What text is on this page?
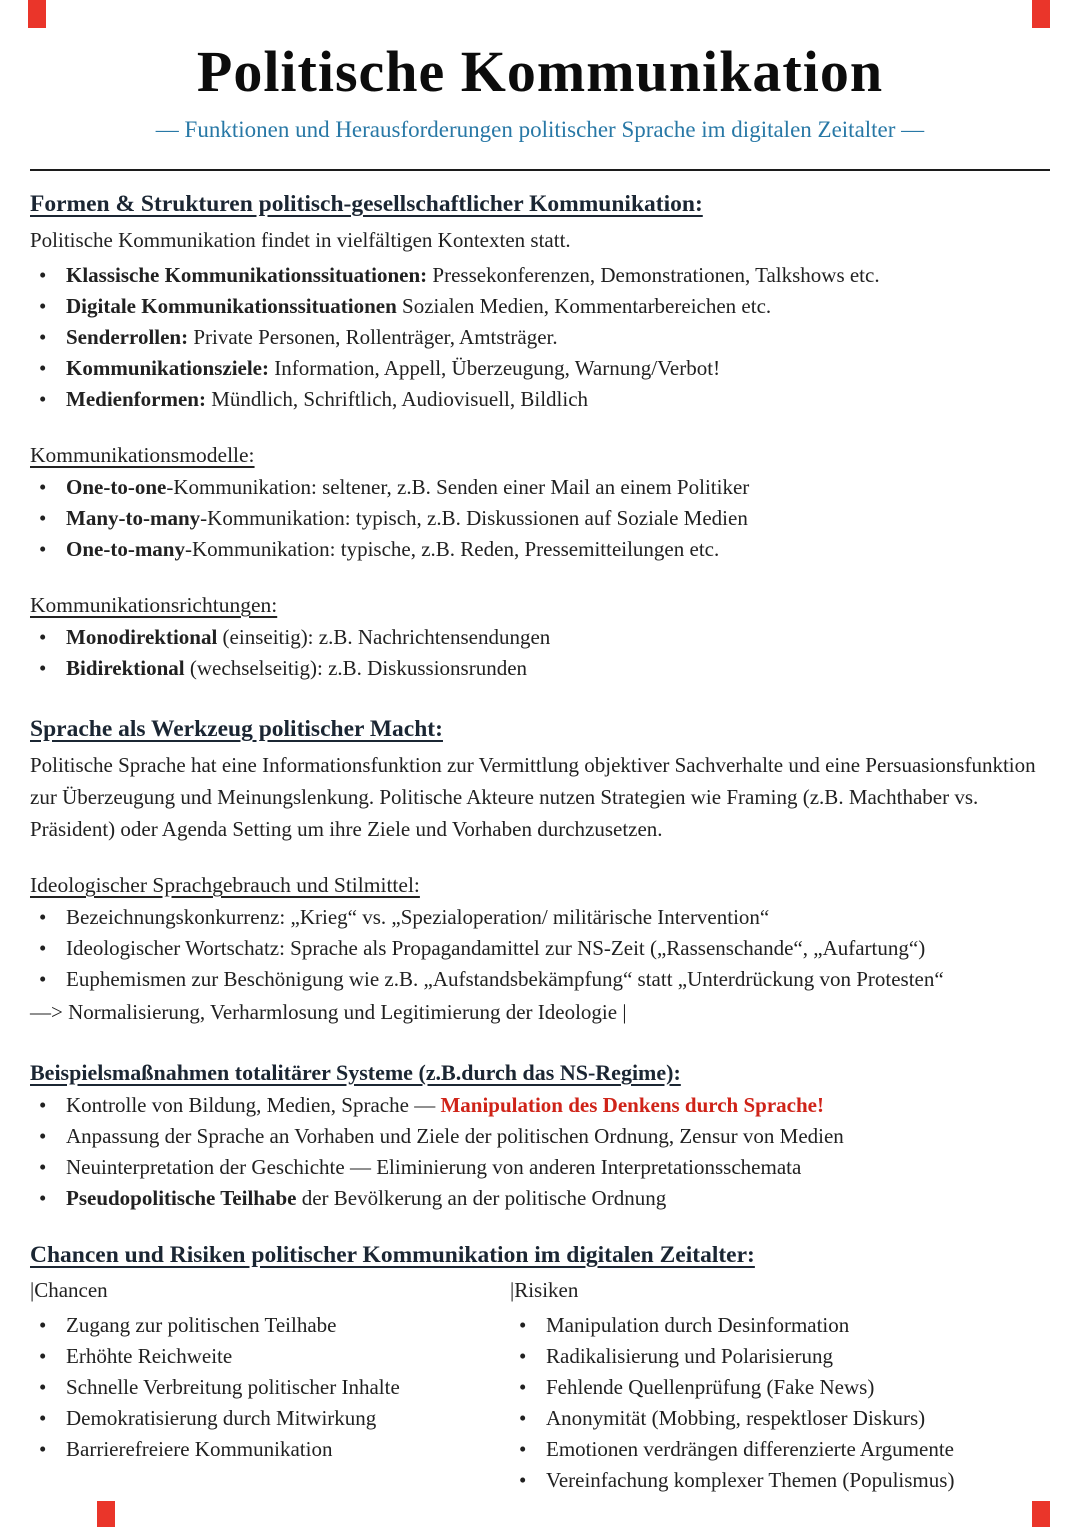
Politische Kommunikation
— Funktionen und Herausforderungen politischer Sprache im digitalen Zeitalter —
Formen & Strukturen politisch-gesellschaftlicher Kommunikation:

Politische Kommunikation findet in vielfältigen Kontexten statt.

• Klassische Kommunikationssituationen: Pressekonferenzen, Demonstrationen, Talkshows etc.
• Digitale Kommunikationssituationen Sozialen Medien, Kommentarbereichen etc.
• Senderrollen: Private Personen, Rollenträger, Amtsträger.
• Kommunikationsziele: Information, Appell, Überzeugung, Warnung/Verbot!
• Medienformen: Mündlich, Schriftlich, Audiovisuell, Bildlich
Kommunikationsmodelle:
• One-to-one-Kommunikation: seltener, z.B. Senden einer Mail an einem Politiker
• Many-to-many-Kommunikation: typisch, z.B. Diskussionen auf Soziale Medien
• One-to-many-Kommunikation: typische, z.B. Reden, Pressemitteilungen etc.
Kommunikationsrichtungen:
• Monodirektional (einseitig): z.B. Nachrichtensendungen
• Bidirektional (wechselseitig): z.B. Diskussionsrunden
Sprache als Werkzeug politischer Macht:

Politische Sprache hat eine Informationsfunktion zur Vermittlung objektiver Sachverhalte und eine Persuasionsfunktion zur Überzeugung und Meinungslenkung. Politische Akteure nutzen Strategien wie Framing (z.B. Machthaber vs. Präsident) oder Agenda Setting um ihre Ziele und Vorhaben durchzusetzen.

Ideologischer Sprachgebrauch und Stilmittel:
• Bezeichnungskonkurrenz: „Krieg“ vs. „Spezialoperation/ militärische Intervention“
• Ideologischer Wortschatz: Sprache als Propagandamittel zur NS-Zeit („Rassenschande“, „Aufartung“)
• Euphemismen zur Beschönigung wie z.B. „Aufstandsbekämpfung“ statt „Unterdrückung von Protesten“

—> Normalisierung, Verharmlosung und Legitimierung der Ideologie |

Beispielsmaßnahmen totalitärer Systeme (z.B.durch das NS-Regime):
• Kontrolle von Bildung, Medien, Sprache — Manipulation des Denkens durch Sprache!
• Anpassung der Sprache an Vorhaben und Ziele der politischen Ordnung, Zensur von Medien
• Neuinterpretation der Geschichte — Eliminierung von anderen Interpretationsschemata
• Pseudopolitische Teilhabe der Bevölkerung an der politische Ordnung
Chancen und Risiken politischer Kommunikation im digitalen Zeitalter:
|Chancen
• Zugang zur politischen Teilhabe
• Erhöhte Reichweite
• Schnelle Verbreitung politischer Inhalte
• Demokratisierung durch Mitwirkung
• Barrierefreiere Kommunikation
|Risiken
• Manipulation durch Desinformation
• Radikalisierung und Polarisierung
• Fehlende Quellenprüfung (Fake News)
• Anonymität (Mobbing, respektloser Diskurs)
• Emotionen verdrängen differenzierte Argumente
• Vereinfachung komplexer Themen (Populismus)
